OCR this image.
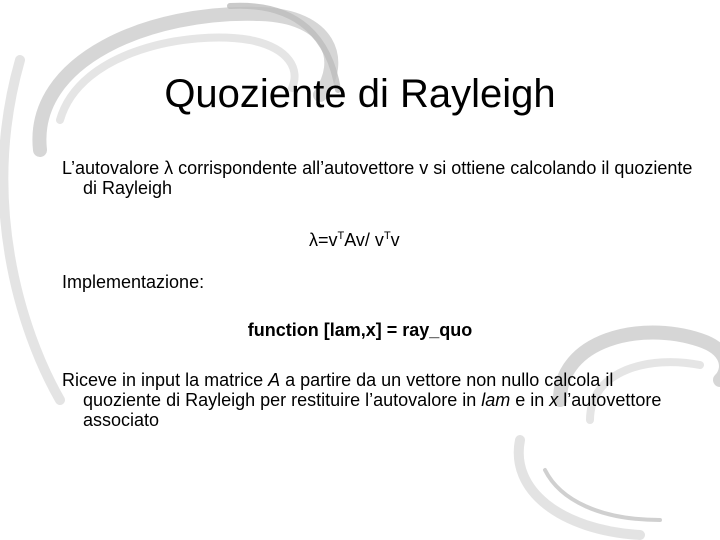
Quoziente di Rayleigh
L’autovalore λ corrispondente all’autovettore v si ottiene calcolando il quoziente di Rayleigh
$\lambda=v^TAv/$ $v^Tv$
Implementazione:
function [lam,x] = ray_quo
Riceve in input la matrice A a partire da un vettore non nullo calcola il quoziente di Rayleigh per restituire l’autovalore in lam e in x l’autovettore associato
